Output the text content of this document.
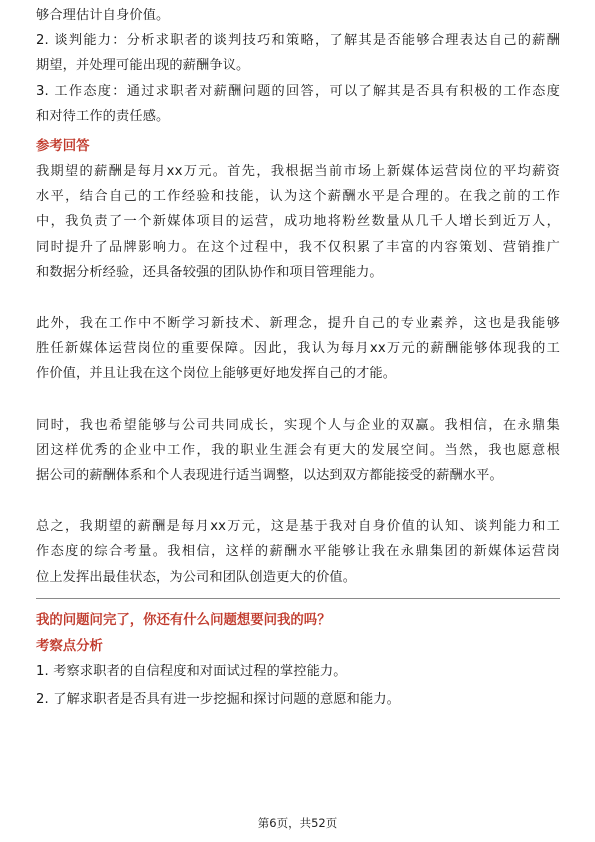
够合理估计自身价值。
2. 谈判能力：分析求职者的谈判技巧和策略，了解其是否能够合理表达自己的薪酬
期望，并处理可能出现的薪酬争议。
3. 工作态度：通过求职者对薪酬问题的回答，可以了解其是否具有积极的工作态度
和对待工作的责任感。
参考回答
我期望的薪酬是每月xx万元。首先，我根据当前市场上新媒体运营岗位的平均薪资
水平，结合自己的工作经验和技能，认为这个薪酬水平是合理的。在我之前的工作
中，我负责了一个新媒体项目的运营，成功地将粉丝数量从几千人增长到近万人，
同时提升了品牌影响力。在这个过程中，我不仅积累了丰富的内容策划、营销推广
和数据分析经验，还具备较强的团队协作和项目管理能力。
此外，我在工作中不断学习新技术、新理念，提升自己的专业素养，这也是我能够
胜任新媒体运营岗位的重要保障。因此，我认为每月xx万元的薪酬能够体现我的工
作价值，并且让我在这个岗位上能够更好地发挥自己的才能。
同时，我也希望能够与公司共同成长，实现个人与企业的双赢。我相信，在永鼎集
团这样优秀的企业中工作，我的职业生涯会有更大的发展空间。当然，我也愿意根
据公司的薪酬体系和个人表现进行适当调整，以达到双方都能接受的薪酬水平。
总之，我期望的薪酬是每月xx万元，这是基于我对自身价值的认知、谈判能力和工
作态度的综合考量。我相信，这样的薪酬水平能够让我在永鼎集团的新媒体运营岗
位上发挥出最佳状态，为公司和团队创造更大的价值。
我的问题问完了，你还有什么问题想要问我的吗？
考察点分析
1. 考察求职者的自信程度和对面试过程的掌控能力。
2. 了解求职者是否具有进一步挖掘和探讨问题的意愿和能力。
第6页，共52页
